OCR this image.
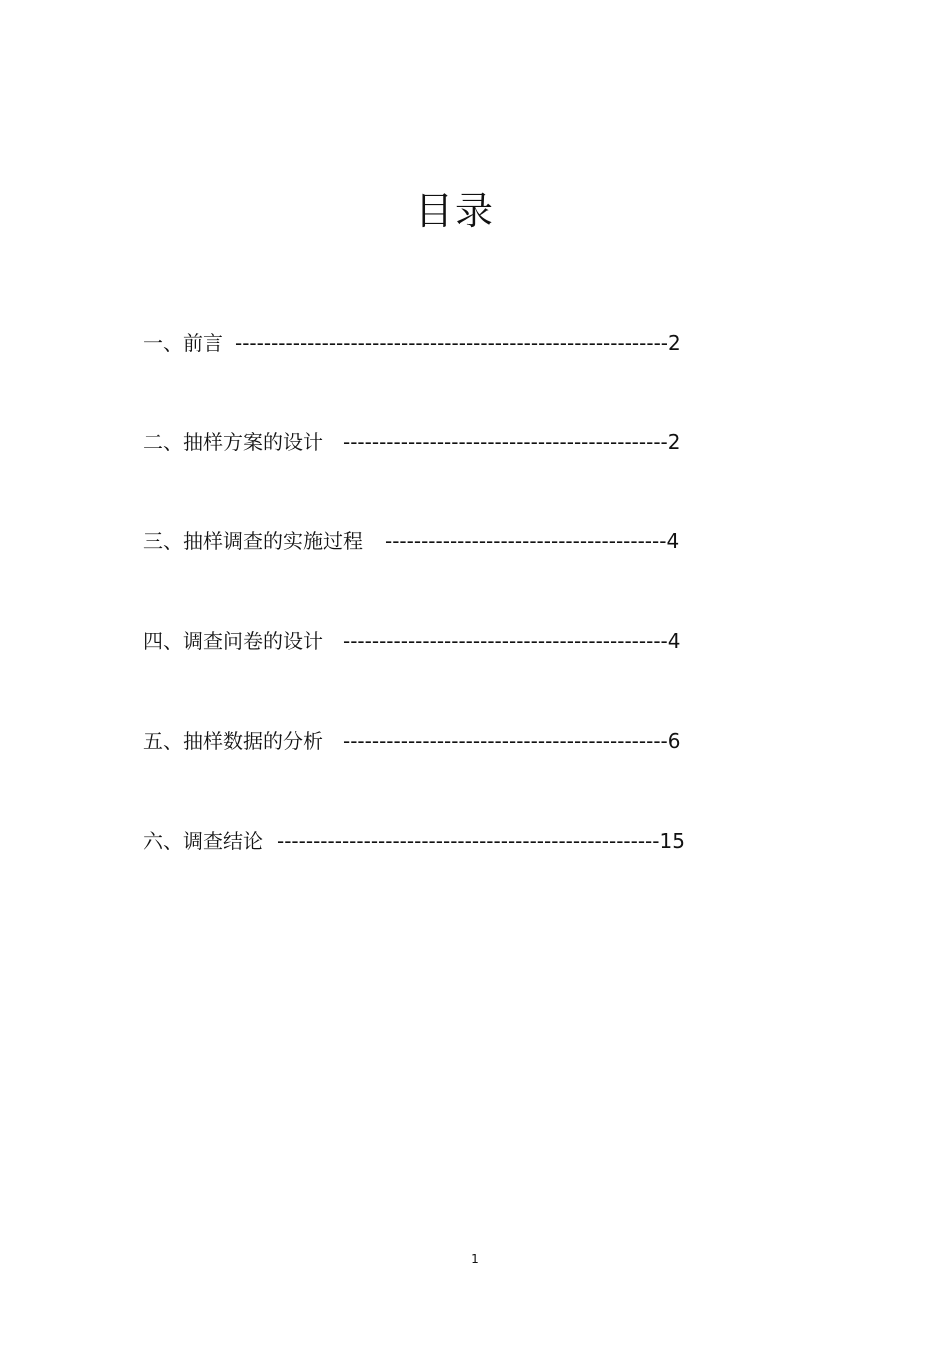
目录
一、前言 ------------------------------------------------------------2
二、抽样方案的设计 ---------------------------------------------2
三、抽样调查的实施过程 ---------------------------------------4
四、调查问卷的设计 ---------------------------------------------4
五、抽样数据的分析 ---------------------------------------------6
六、调查结论 -----------------------------------------------------15
1
